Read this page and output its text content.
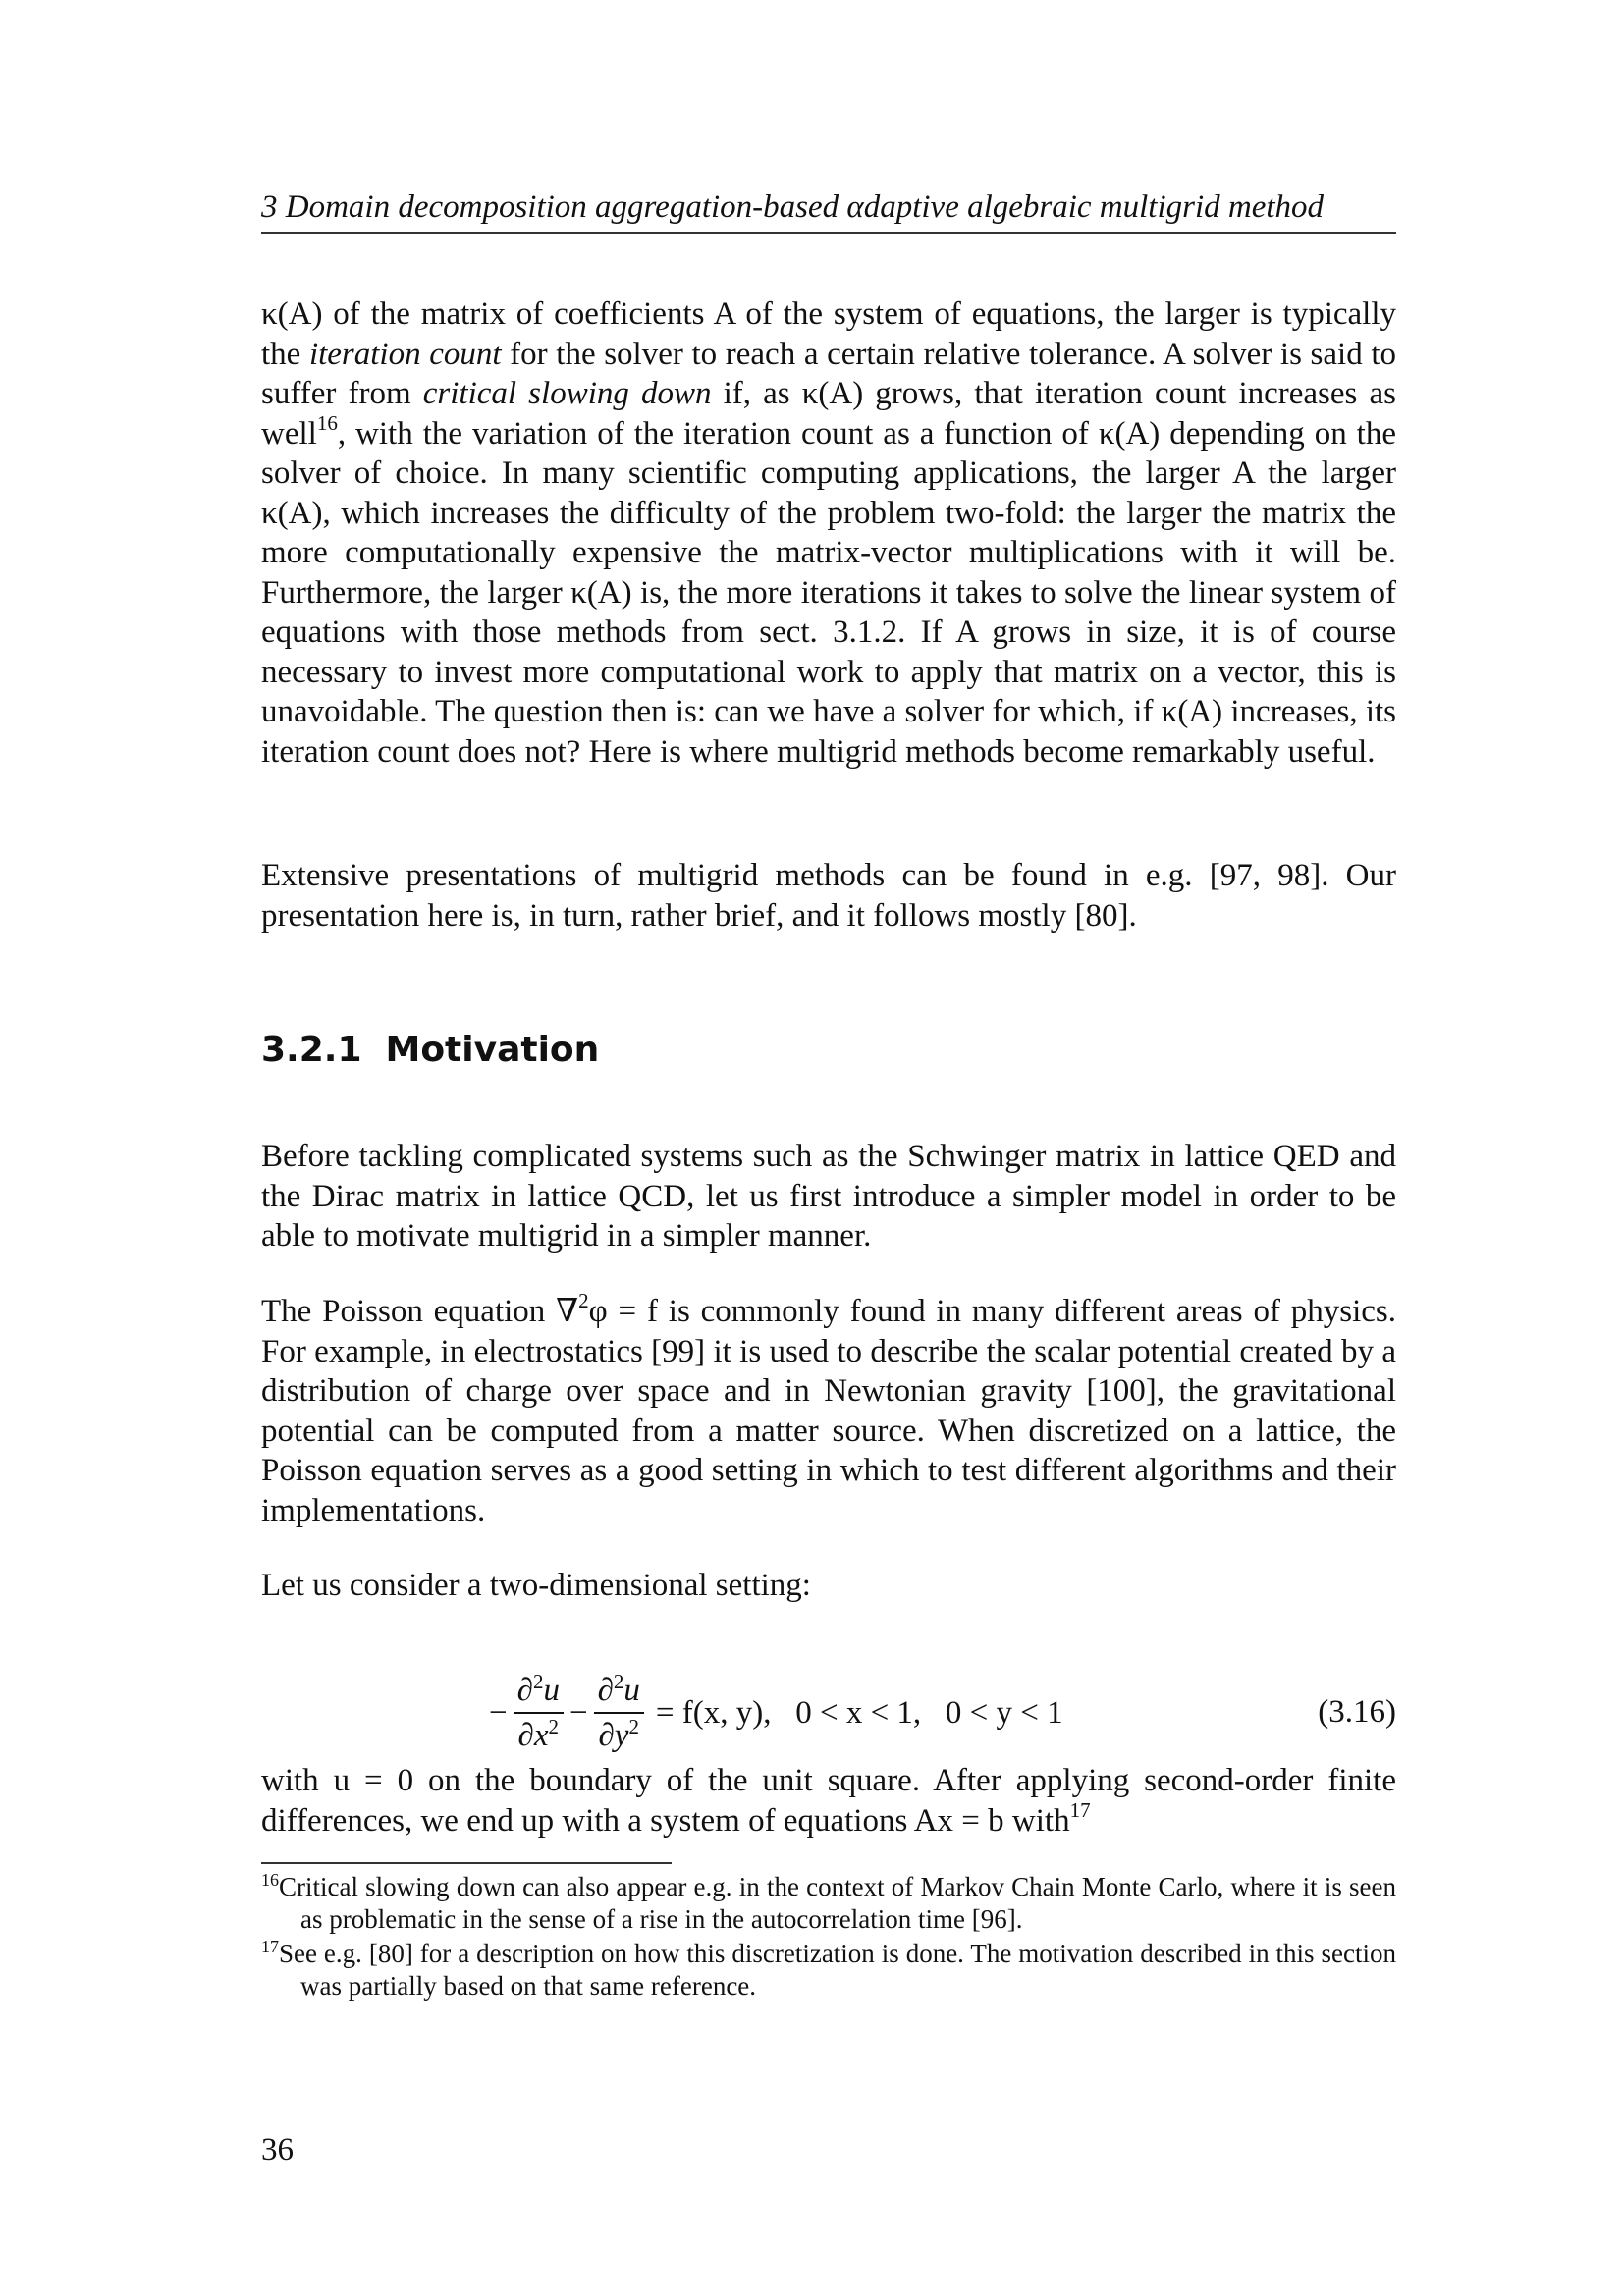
3 Domain decomposition aggregation-based αdaptive algebraic multigrid method

κ(A) of the matrix of coefficients A of the system of equations, the larger is typically the iteration count for the solver to reach a certain relative tolerance. A solver is said to suffer from critical slowing down if, as κ(A) grows, that iteration count increases as well$^{16}$, with the variation of the iteration count as a function of κ(A) depending on the solver of choice. In many scientific computing applications, the larger A the larger κ(A), which increases the difficulty of the problem two-fold: the larger the matrix the more computationally expensive the matrix-vector multiplications with it will be. Furthermore, the larger κ(A) is, the more iterations it takes to solve the linear system of equations with those methods from sect. 3.1.2. If A grows in size, it is of course necessary to invest more computational work to apply that matrix on a vector, this is unavoidable. The question then is: can we have a solver for which, if κ(A) increases, its iteration count does not? Here is where multigrid methods become remarkably useful.

Extensive presentations of multigrid methods can be found in e.g. [97, 98]. Our presentation here is, in turn, rather brief, and it follows mostly [80].

3.2.1 Motivation

Before tackling complicated systems such as the Schwinger matrix in lattice QED and the Dirac matrix in lattice QCD, let us first introduce a simpler model in order to be able to motivate multigrid in a simpler manner.

The Poisson equation ∇$^2$φ = f is commonly found in many different areas of physics. For example, in electrostatics [99] it is used to describe the scalar potential created by a distribution of charge over space and in Newtonian gravity [100], the gravitational potential can be computed from a matter source. When discretized on a lattice, the Poisson equation serves as a good setting in which to test different algorithms and their implementations.

Let us consider a two-dimensional setting:

− $\frac{\partial^2u}{\partial x^2} - \frac{\partial^2u}{\partial y^2} = f(x$, y),   0 < x < 1,   0 < y < 1	(3.16)

with u = 0 on the boundary of the unit square. After applying second-order finite differences, we end up with a system of equations Ax = b with$^{17}$

$^{16}$Critical slowing down can also appear e.g. in the context of Markov Chain Monte Carlo, where it is seen as problematic in the sense of a rise in the autocorrelation time [96].
$^{17}$See e.g. [80] for a description on how this discretization is done. The motivation described in this section was partially based on that same reference.
36
